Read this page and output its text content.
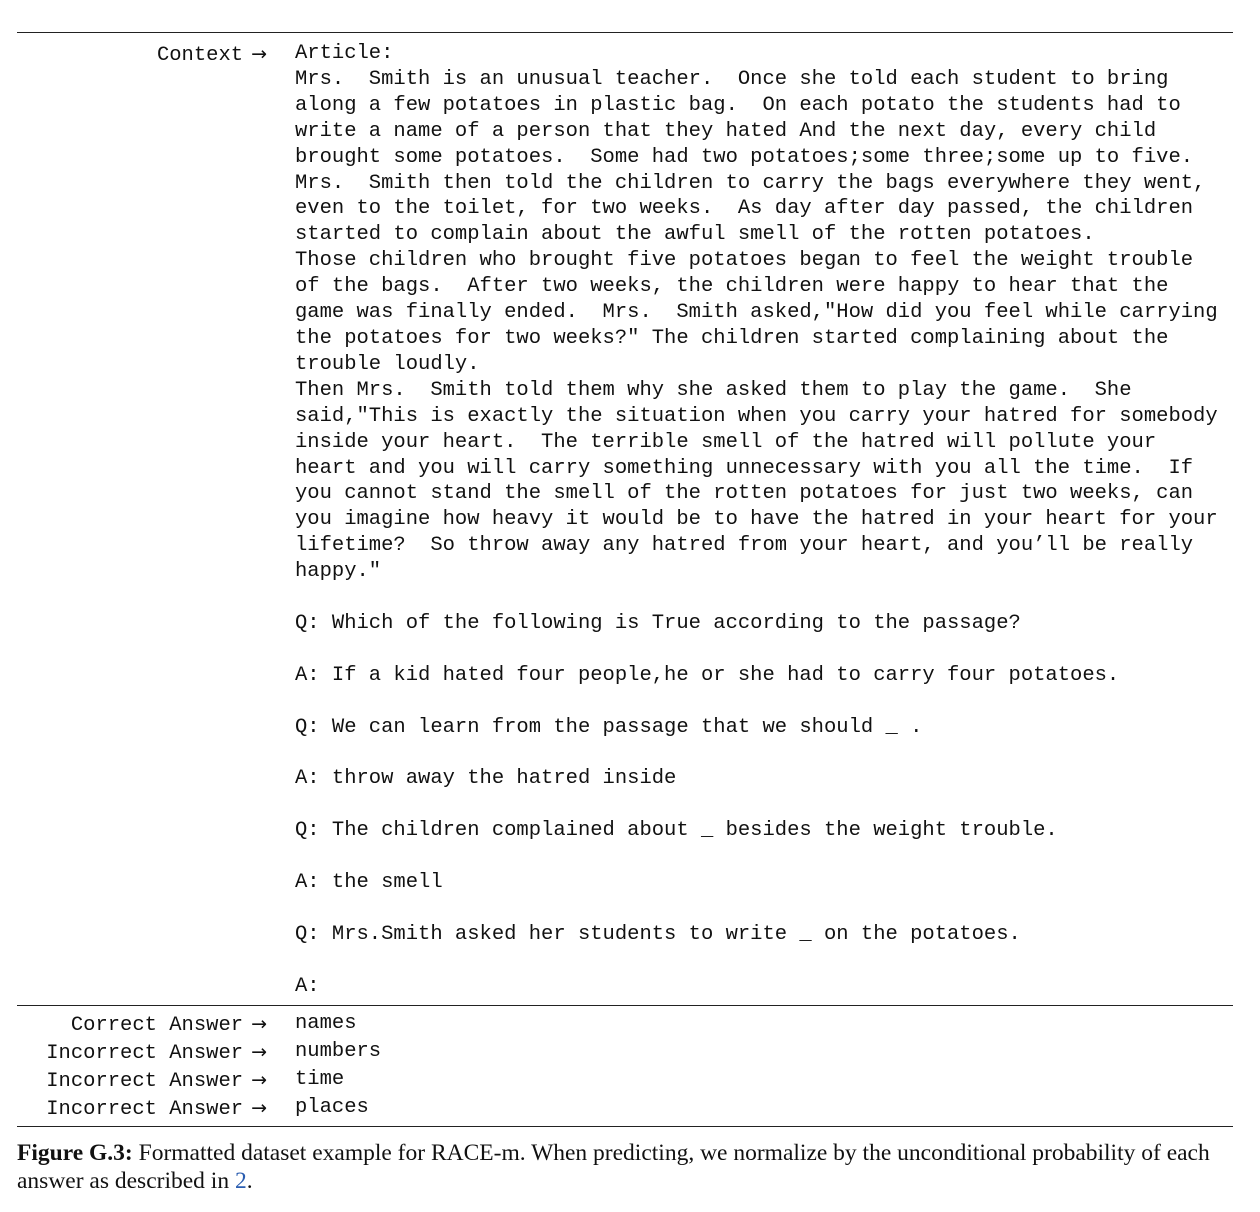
Context → Article:
Mrs.  Smith is an unusual teacher.  Once she told each student to bring
along a few potatoes in plastic bag.  On each potato the students had to
write a name of a person that they hated And the next day, every child
brought some potatoes.  Some had two potatoes;some three;some up to five.
Mrs.  Smith then told the children to carry the bags everywhere they went,
even to the toilet, for two weeks.  As day after day passed, the children
started to complain about the awful smell of the rotten potatoes.
Those children who brought five potatoes began to feel the weight trouble
of the bags.  After two weeks, the children were happy to hear that the
game was finally ended.  Mrs.  Smith asked,"How did you feel while carrying
the potatoes for two weeks?" The children started complaining about the
trouble loudly.
Then Mrs.  Smith told them why she asked them to play the game.  She
said,"This is exactly the situation when you carry your hatred for somebody
inside your heart.  The terrible smell of the hatred will pollute your
heart and you will carry something unnecessary with you all the time.  If
you cannot stand the smell of the rotten potatoes for just two weeks, can
you imagine how heavy it would be to have the hatred in your heart for your
lifetime?  So throw away any hatred from your heart, and you’ll be really
happy."
Q: Which of the following is True according to the passage?
A: If a kid hated four people,he or she had to carry four potatoes.
Q: We can learn from the passage that we should _ .
A: throw away the hatred inside
Q: The children complained about _ besides the weight trouble.
A: the smell
Q: Mrs.Smith asked her students to write _ on the potatoes.
A:
Correct Answer → names
Incorrect Answer → numbers
Incorrect Answer → time
Incorrect Answer → places
Figure G.3: Formatted dataset example for RACE-m. When predicting, we normalize by the unconditional probability of each answer as described in 2.
